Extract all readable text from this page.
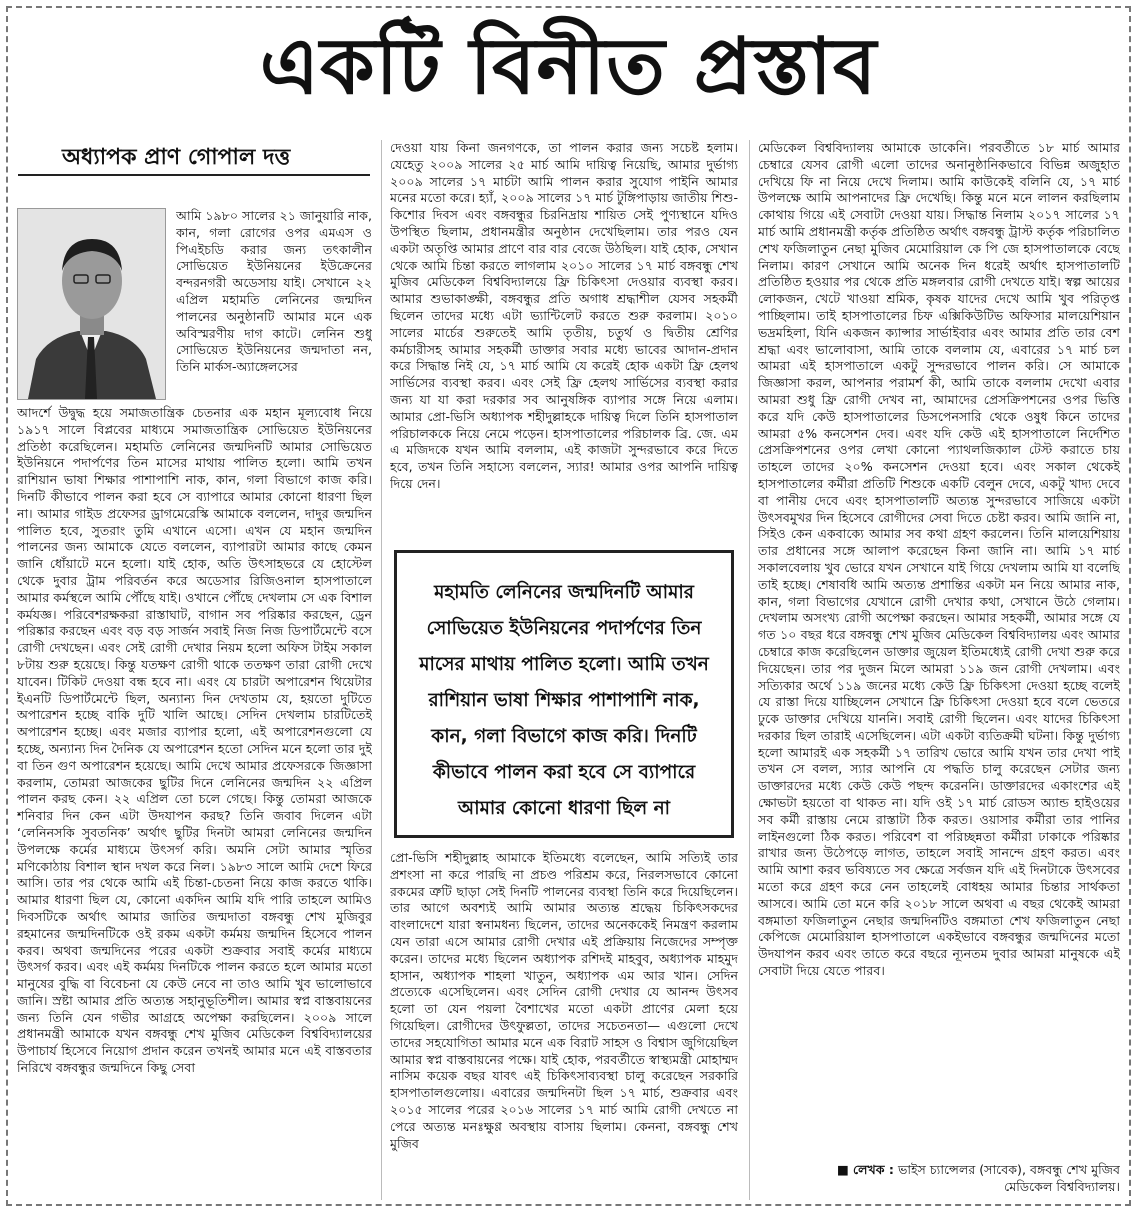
একটি বিনীত প্রস্তাব
অধ্যাপক প্রাণ গোপাল দত্ত

আমি ১৯৮০ সালের ২১ জানুয়ারি নাক, কান, গলা রোগের ওপর এমএস ও পিএইচডি করার জন্য তৎকালীন সোভিয়েত ইউনিয়নের ইউক্রেনের বন্দরনগরী অডেসায় যাই। সেখানে ২২ এপ্রিল মহামতি লেনিনের জন্মদিন পালনের অনুষ্ঠানটি আমার মনে এক অবিস্মরণীয় দাগ কাটে। লেনিন শুধু সোভিয়েত ইউনিয়নের জন্মদাতা নন, তিনি মার্কস-অ্যাঙ্গেলসের

আদর্শে উদ্বুদ্ধ হয়ে সমাজতান্ত্রিক চেতনার এক মহান মূল্যবোধ নিয়ে ১৯১৭ সালে বিপ্লবের মাধ্যমে সমাজতান্ত্রিক সোভিয়েত ইউনিয়নের প্রতিষ্ঠা করেছিলেন। মহামতি লেনিনের জন্মদিনটি আমার সোভিয়েত ইউনিয়নে পদার্পণের তিন মাসের মাথায় পালিত হলো। আমি তখন রাশিয়ান ভাষা শিক্ষার পাশাপাশি নাক, কান, গলা বিভাগে কাজ করি। দিনটি কীভাবে পালন করা হবে সে ব্যাপারে আমার কোনো ধারণা ছিল না। আমার গাইড প্রফেসর ড্রাগমেরেস্কি আমাকে বললেন, দাদুর জন্মদিন পালিত হবে, সুতরাং তুমি এখানে এসো। এখন যে মহান জন্মদিন পালনের জন্য আমাকে যেতে বললেন, ব্যাপারটা আমার কাছে কেমন জানি ধোঁয়াটে মনে হলো। যাই হোক, অতি উৎসাহভরে যে হোস্টেল থেকে দুবার ট্রাম পরিবর্তন করে অডেসার রিজিওনাল হাসপাতালে আমার কর্মস্থলে আমি পৌঁছে যাই। ওখানে পৌঁছে দেখলাম সে এক বিশাল কর্মযজ্ঞ। পরিবেশরক্ষকরা রাস্তাঘাট, বাগান সব পরিষ্কার করছেন, ড্রেন পরিষ্কার করছেন এবং বড় বড় সার্জন সবাই নিজ নিজ ডিপার্টমেন্টে বসে রোগী দেখছেন। এবং সেই রোগী দেখার নিয়ম হলো অফিস টাইম সকাল ৮টায় শুরু হয়েছে। কিন্তু যতক্ষণ রোগী থাকে ততক্ষণ তারা রোগী দেখে যাবেন। টিকিট দেওয়া বন্ধ হবে না। এবং যে চারটা অপারেশন থিয়েটার ইএনটি ডিপার্টমেন্টে ছিল, অন্যান্য দিন দেখতাম যে, হয়তো দুটিতে অপারেশন হচ্ছে বাকি দুটি খালি আছে। সেদিন দেখলাম চারটিতেই অপারেশন হচ্ছে। এবং মজার ব্যাপার হলো, এই অপারেশনগুলো যে হচ্ছে, অন্যান্য দিন দৈনিক যে অপারেশন হতো সেদিন মনে হলো তার দুই বা তিন গুণ অপারেশন হয়েছে। আমি দেখে আমার প্রফেসরকে জিজ্ঞাসা করলাম, তোমরা আজকের ছুটির দিনে লেনিনের জন্মদিন ২২ এপ্রিল পালন করছ কেন। ২২ এপ্রিল তো চলে গেছে। কিন্তু তোমরা আজকে শনিবার দিন কেন এটা উদযাপন করছ? তিনি জবাব দিলেন এটা ‘লেনিনসকি সুবতনিক’ অর্থাৎ ছুটির দিনটা আমরা লেনিনের জন্মদিন উপলক্ষে কর্মের মাধ্যমে উৎসর্গ করি। অমনি সেটা আমার স্মৃতির মণিকোঠায় বিশাল স্থান দখল করে নিল। ১৯৮৩ সালে আমি দেশে ফিরে আসি। তার পর থেকে আমি এই চিন্তা-চেতনা নিয়ে কাজ করতে থাকি। আমার ধারণা ছিল যে, কোনো একদিন আমি যদি পারি তাহলে আমিও দিবসটিকে অর্থাৎ আমার জাতির জন্মদাতা বঙ্গবন্ধু শেখ মুজিবুর রহমানের জন্মদিনটিকে ওই রকম একটা কর্মময় জন্মদিন হিসেবে পালন করব। অথবা জন্মদিনের পরের একটা শুক্রবার সবাই কর্মের মাধ্যমে উৎসর্গ করব। এবং এই কর্মময় দিনটিকে পালন করতে হলে আমার মতো মানুষের বুদ্ধি বা বিবেচনা যে কেউ নেবে না তাও আমি খুব ভালোভাবে জানি। স্রষ্টা আমার প্রতি অত্যন্ত সহানুভূতিশীল। আমার স্বপ্ন বাস্তবায়নের জন্য তিনি যেন গভীর আগ্রহে অপেক্ষা করছিলেন। ২০০৯ সালে প্রধানমন্ত্রী আমাকে যখন বঙ্গবন্ধু শেখ মুজিব মেডিকেল বিশ্ববিদ্যালয়ের উপাচার্য হিসেবে নিয়োগ প্রদান করেন তখনই আমার মনে এই বাস্তবতার নিরিখে বঙ্গবন্ধুর জন্মদিনে কিছু সেবা

দেওয়া যায় কিনা জনগণকে, তা পালন করার জন্য সচেষ্ট হলাম। যেহেতু ২০০৯ সালের ২৫ মার্চ আমি দায়িত্ব নিয়েছি, আমার দুর্ভাগ্য ২০০৯ সালের ১৭ মার্চটা আমি পালন করার সুযোগ পাইনি আমার মনের মতো করে। হ্যাঁ, ২০০৯ সালের ১৭ মার্চ টুঙ্গিপাড়ায় জাতীয় শিশু-কিশোর দিবস এবং বঙ্গবন্ধুর চিরনিদ্রায় শায়িত সেই পুণ্যস্থানে যদিও উপস্থিত ছিলাম, প্রধানমন্ত্রীর অনুষ্ঠান দেখেছিলাম। তার পরও যেন একটা অতৃপ্তি আমার প্রাণে বার বার বেজে উঠছিল। যাই হোক, সেখান থেকে আমি চিন্তা করতে লাগলাম ২০১০ সালের ১৭ মার্চ বঙ্গবন্ধু শেখ মুজিব মেডিকেল বিশ্ববিদ্যালয়ে ফ্রি চিকিৎসা দেওয়ার ব্যবস্থা করব। আমার শুভাকাঙ্ক্ষী, বঙ্গবন্ধুর প্রতি অগাধ শ্রদ্ধাশীল যেসব সহকর্মী ছিলেন তাদের মধ্যে এটা ভ্যান্টিলেট করতে শুরু করলাম। ২০১০ সালের মার্চের শুরুতেই আমি তৃতীয়, চতুর্থ ও দ্বিতীয় শ্রেণির কর্মচারীসহ আমার সহকর্মী ডাক্তার সবার মধ্যে ভাবের আদান-প্রদান করে সিদ্ধান্ত নিই যে, ১৭ মার্চ আমি যে করেই হোক একটা ফ্রি হেলথ সার্ভিসের ব্যবস্থা করব। এবং সেই ফ্রি হেলথ সার্ভিসের ব্যবস্থা করার জন্য যা যা করা দরকার সব আনুষঙ্গিক ব্যাপার সঙ্গে নিয়ে এলাম। আমার প্রো-ভিসি অধ্যাপক শহীদুল্লাহকে দায়িত্ব দিলে তিনি হাসপাতাল পরিচালককে নিয়ে নেমে পড়েন। হাসপাতালের পরিচালক ব্রি. জে. এম এ মজিদকে যখন আমি বললাম, এই কাজটা সুন্দরভাবে করে দিতে হবে, তখন তিনি সহাস্যে বললেন, স্যার! আমার ওপর আপনি দায়িত্ব দিয়ে দেন।

মহামতি লেনিনের জন্মদিনটি আমার সোভিয়েত ইউনিয়নের পদার্পণের তিন মাসের মাথায় পালিত হলো। আমি তখন রাশিয়ান ভাষা শিক্ষার পাশাপাশি নাক, কান, গলা বিভাগে কাজ করি। দিনটি কীভাবে পালন করা হবে সে ব্যাপারে আমার কোনো ধারণা ছিল না

প্রো-ভিসি শহীদুল্লাহ আমাকে ইতিমধ্যে বলেছেন, আমি সত্যিই তার প্রশংসা না করে পারছি না প্রচণ্ড পরিশ্রম করে, নিরলসভাবে কোনো রকমের ত্রুটি ছাড়া সেই দিনটি পালনের ব্যবস্থা তিনি করে দিয়েছিলেন। তার আগে অবশ্যই আমি আমার অত্যন্ত শ্রদ্ধেয় চিকিৎসকদের বাংলাদেশে যারা স্বনামধন্য ছিলেন, তাদের অনেককেই নিমন্ত্রণ করলাম যেন তারা এসে আমার রোগী দেখার এই প্রক্রিয়ায় নিজেদের সম্পৃক্ত করেন। তাদের মধ্যে ছিলেন অধ্যাপক রশিদই মাহবুব, অধ্যাপক মাহমুদ হাসান, অধ্যাপক শাহলা খাতুন, অধ্যাপক এম আর খান। সেদিন প্রত্যেকে এসেছিলেন। এবং সেদিন রোগী দেখার যে আনন্দ উৎসব হলো তা যেন পয়লা বৈশাখের মতো একটা প্রাণের মেলা হয়ে গিয়েছিল। রোগীদের উৎফুল্লতা, তাদের সচেতনতা— এগুলো দেখে তাদের সহযোগিতা আমার মনে এক বিরাট সাহস ও বিশ্বাস জুগিয়েছিল আমার স্বপ্ন বাস্তবায়নের পক্ষে। যাই হোক, পরবর্তীতে স্বাস্থ্যমন্ত্রী মোহাম্মদ নাসিম কয়েক বছর যাবৎ এই চিকিৎসাব্যবস্থা চালু করেছেন সরকারি হাসপাতালগুলোয়। এবারের জন্মদিনটা ছিল ১৭ মার্চ, শুক্রবার এবং ২০১৫ সালের পরের ২০১৬ সালের ১৭ মার্চ আমি রোগী দেখতে না পেরে অত্যন্ত মনঃক্ষুণ্ণ অবস্থায় বাসায় ছিলাম। কেননা, বঙ্গবন্ধু শেখ মুজিব

মেডিকেল বিশ্ববিদ্যালয় আমাকে ডাকেনি। পরবর্তীতে ১৮ মার্চ আমার চেম্বারে যেসব রোগী এলো তাদের অনানুষ্ঠানিকভাবে বিভিন্ন অজুহাত দেখিয়ে ফি না নিয়ে দেখে দিলাম। আমি কাউকেই বলিনি যে, ১৭ মার্চ উপলক্ষে আমি আপনাদের ফ্রি দেখেছি। কিন্তু মনে মনে লালন করছিলাম কোথায় গিয়ে এই সেবাটা দেওয়া যায়। সিদ্ধান্ত নিলাম ২০১৭ সালের ১৭ মার্চ আমি প্রধানমন্ত্রী কর্তৃক প্রতিষ্ঠিত অর্থাৎ বঙ্গবন্ধু ট্রাস্ট কর্তৃক পরিচালিত শেখ ফজিলাতুন নেছা মুজিব মেমোরিয়াল কে পি জে হাসপাতালকে বেছে নিলাম। কারণ সেখানে আমি অনেক দিন ধরেই অর্থাৎ হাসপাতালটি প্রতিষ্ঠিত হওয়ার পর থেকে প্রতি মঙ্গলবার রোগী দেখতে যাই। স্বল্প আয়ের লোকজন, খেটে খাওয়া শ্রমিক, কৃষক যাদের দেখে আমি খুব পরিতৃপ্ত পাচ্ছিলাম। তাই হাসপাতালের চিফ এক্সিকিউটিভ অফিসার মালয়েশিয়ান ভদ্রমহিলা, যিনি একজন ক্যান্সার সার্ভাইবার এবং আমার প্রতি তার বেশ শ্রদ্ধা এবং ভালোবাসা, আমি তাকে বললাম যে, এবারের ১৭ মার্চ চল আমরা এই হাসপাতালে একটু সুন্দরভাবে পালন করি। সে আমাকে জিজ্ঞাসা করল, আপনার পরামর্শ কী, আমি তাকে বললাম দেখো এবার আমরা শুধু ফ্রি রোগী দেখব না, আমাদের প্রেসক্রিপশনের ওপর ভিত্তি করে যদি কেউ হাসপাতালের ডিসপেনসারি থেকে ওষুধ কিনে তাদের আমরা ৫% কনসেশন দেব। এবং যদি কেউ এই হাসপাতালে নির্দেশিত প্রেসক্রিপশনের ওপর লেখা কোনো প্যাথলজিক্যাল টেস্ট করাতে চায় তাহলে তাদের ২০% কনসেশন দেওয়া হবে। এবং সকাল থেকেই হাসপাতালের কর্মীরা প্রতিটি শিশুকে একটি বেলুন দেবে, একটু খাদ্য দেবে বা পানীয় দেবে এবং হাসপাতালটি অত্যন্ত সুন্দরভাবে সাজিয়ে একটা উৎসবমুখর দিন হিসেবে রোগীদের সেবা দিতে চেষ্টা করব। আমি জানি না, সিইও কেন একবাক্যে আমার সব কথা গ্রহণ করলেন। তিনি মালয়েশিয়ায় তার প্রধানের সঙ্গে আলাপ করেছেন কিনা জানি না। আমি ১৭ মার্চ সকালবেলায় খুব ভোরে যখন সেখানে যাই গিয়ে দেখলাম আমি যা বলেছি তাই হচ্ছে। শেষাবধি আমি অত্যন্ত প্রশান্তির একটা মন নিয়ে আমার নাক, কান, গলা বিভাগের যেখানে রোগী দেখার কথা, সেখানে উঠে গেলাম। দেখলাম অসংখ্য রোগী অপেক্ষা করছেন। আমার সহকর্মী, আমার সঙ্গে যে গত ১০ বছর ধরে বঙ্গবন্ধু শেখ মুজিব মেডিকেল বিশ্ববিদ্যালয় এবং আমার চেম্বারে কাজ করেছিলেন ডাক্তার জুয়েল ইতিমধ্যেই রোগী দেখা শুরু করে দিয়েছেন। তার পর দুজন মিলে আমরা ১১৯ জন রোগী দেখলাম। এবং সত্যিকার অর্থে ১১৯ জনের মধ্যে কেউ ফ্রি চিকিৎসা দেওয়া হচ্ছে বলেই যে রাস্তা দিয়ে যাচ্ছিলেন সেখানে ফ্রি চিকিৎসা দেওয়া হবে বলে ভেতরে ঢুকে ডাক্তার দেখিয়ে যাননি। সবাই রোগী ছিলেন। এবং যাদের চিকিৎসা দরকার ছিল তারাই এসেছিলেন। এটা একটা ব্যতিক্রমী ঘটনা। কিন্তু দুর্ভাগ্য হলো আমারই এক সহকর্মী ১৭ তারিখ ভোরে আমি যখন তার দেখা পাই তখন সে বলল, স্যার আপনি যে পদ্ধতি চালু করেছেন সেটার জন্য ডাক্তারদের মধ্যে কেউ কেউ পছন্দ করেননি। ডাক্তারদের একাংশের এই ক্ষোভটা হয়তো বা থাকত না। যদি ওই ১৭ মার্চ রোডস অ্যান্ড হাইওয়ের সব কর্মী রাস্তায় নেমে রাস্তাটা ঠিক করত। ওয়াসার কর্মীরা তার পানির লাইনগুলো ঠিক করত। পরিবেশ বা পরিচ্ছন্নতা কর্মীরা ঢাকাকে পরিষ্কার রাখার জন্য উঠেপড়ে লাগত, তাহলে সবাই সানন্দে গ্রহণ করত। এবং আমি আশা করব ভবিষ্যতে সব ক্ষেত্রে সর্বজন যদি এই দিনটাকে উৎসবের মতো করে গ্রহণ করে নেন তাহলেই বোধহয় আমার চিন্তার সার্থকতা আসবে। আমি তো মনে করি ২০১৮ সালে অথবা এ বছর থেকেই আমরা বঙ্গমাতা ফজিলাতুন নেছার জন্মদিনটিও বঙ্গমাতা শেখ ফজিলাতুন নেছা কেপিজে মেমোরিয়াল হাসপাতালে একইভাবে বঙ্গবন্ধুর জন্মদিনের মতো উদযাপন করব এবং তাতে করে বছরে ন্যূনতম দুবার আমরা মানুষকে এই সেবাটা দিয়ে যেতে পারব।

■ লেখক : ভাইস চ্যান্সেলর (সাবেক), বঙ্গবন্ধু শেখ মুজিব মেডিকেল বিশ্ববিদ্যালয়।
